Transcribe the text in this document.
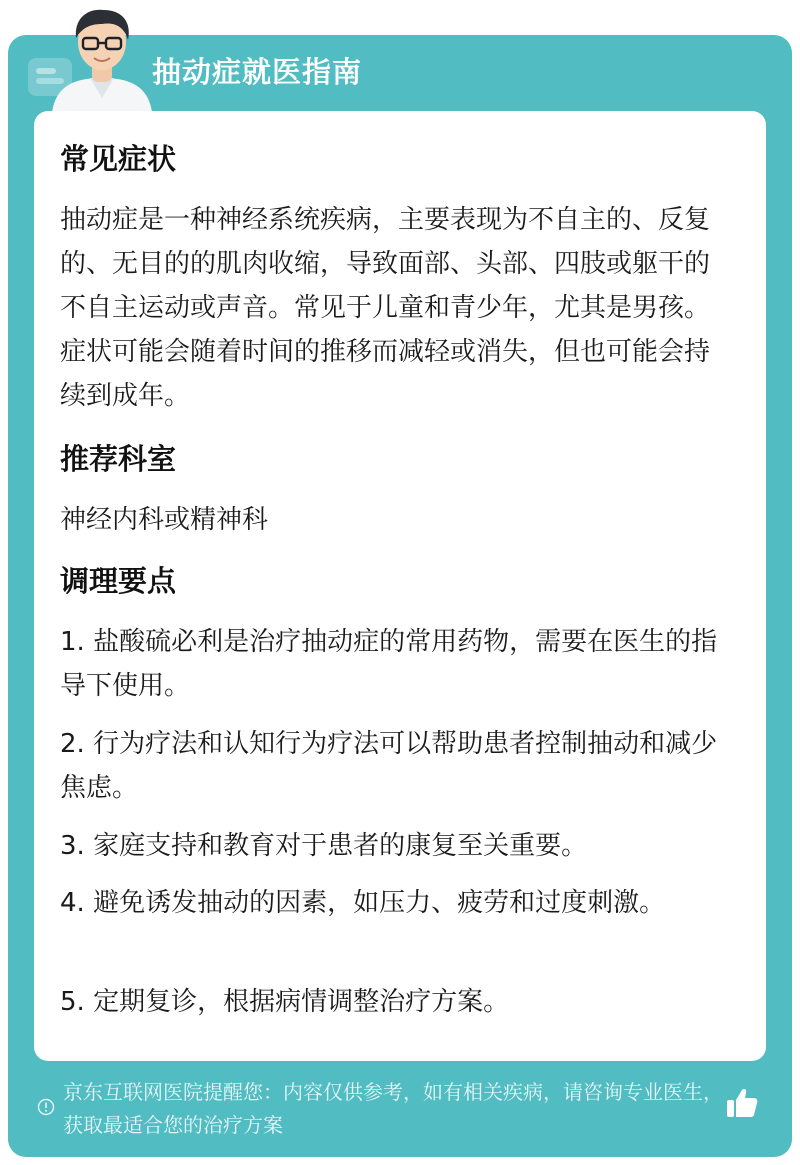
抽动症就医指南
常见症状
抽动症是一种神经系统疾病，主要表现为不自主的、反复的、无目的的肌肉收缩，导致面部、头部、四肢或躯干的不自主运动或声音。常见于儿童和青少年，尤其是男孩。症状可能会随着时间的推移而减轻或消失，但也可能会持续到成年。
推荐科室
神经内科或精神科
调理要点
1. 盐酸硫必利是治疗抽动症的常用药物，需要在医生的指导下使用。
2. 行为疗法和认知行为疗法可以帮助患者控制抽动和减少焦虑。
3. 家庭支持和教育对于患者的康复至关重要。
4. 避免诱发抽动的因素，如压力、疲劳和过度刺激。
5. 定期复诊，根据病情调整治疗方案。
京东互联网医院提醒您：内容仅供参考，如有相关疾病，请咨询专业医生，获取最适合您的治疗方案
